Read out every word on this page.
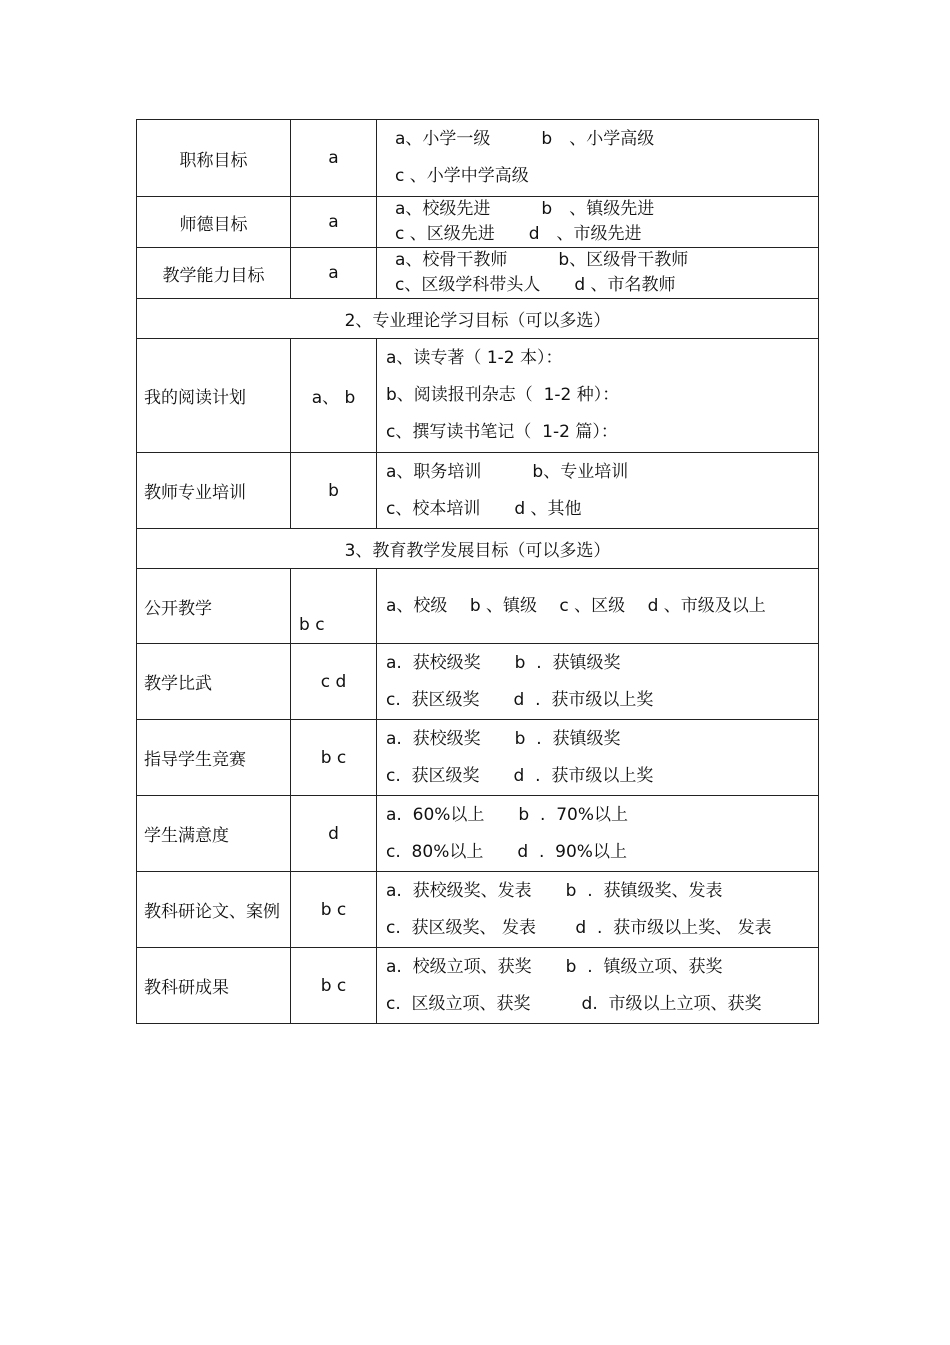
职称目标	a	a、小学一级　　　b　、小学高级
c 、小学中学高级

师德目标	a	a、校级先进　　　b　、镇级先进
c 、区级先进　　d　、市级先进

教学能力目标	a	a、校骨干教师　　　b、区级骨干教师
c、区级学科带头人　　d 、市名教师

2、专业理论学习目标（可以多选）		
我的阅读计划	a、 b	a、读专著（ 1-2 本）：
b、阅读报刊杂志（  1-2 种）：
c、撰写读书笔记（  1-2 篇）：

教师专业培训	b	a、职务培训　　　b、专业培训
c、校本培训　　d 、其他

3、教育教学发展目标（可以多选）		
公开教学	b c	a、校级　 b 、镇级　 c 、区级　 d 、市级及以上

教学比武	c d	a.  获校级奖　　b  .  获镇级奖
c.  获区级奖　　d  .  获市级以上奖

指导学生竞赛	b c	a.  获校级奖　　b  .  获镇级奖
c.  获区级奖　　d  .  获市级以上奖

学生满意度	d	a.  60%以上　　b  .  70%以上
c.  80%以上　　d  .  90%以上

教科研论文、案例	b c	a.  获校级奖、发表　　b  .  获镇级奖、发表
c.  获区级奖、 发表　　 d  .  获市级以上奖、 发表

教科研成果	b c	a.  校级立项、获奖　　b  .  镇级立项、获奖
c.  区级立项、获奖　　　d.  市级以上立项、获奖
